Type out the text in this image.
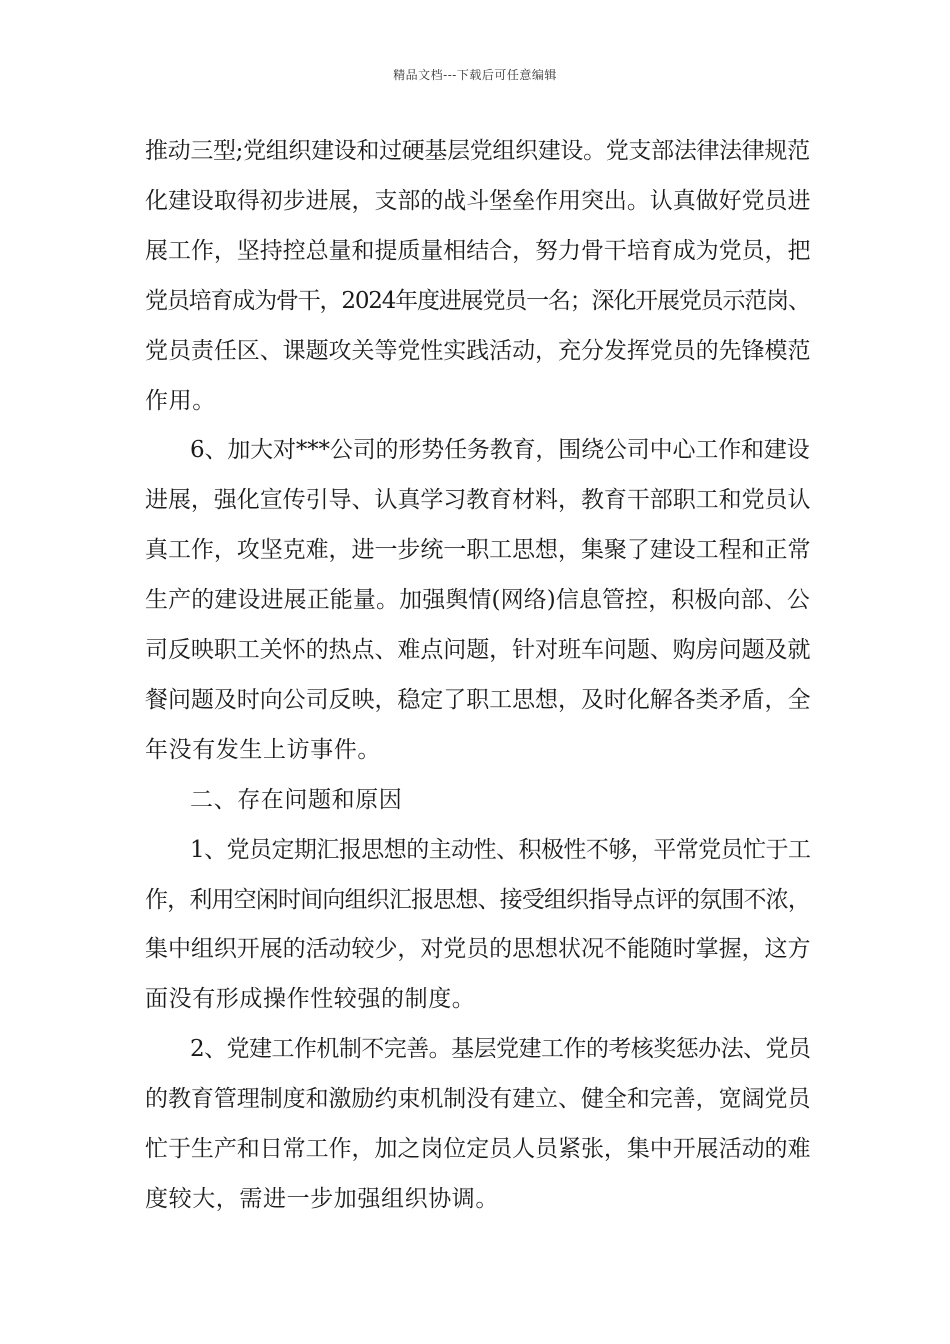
精品文档---下载后可任意编辑
推动三型;党组织建设和过硬基层党组织建设。党支部法律法律规范
化建设取得初步进展，支部的战斗堡垒作用突出。认真做好党员进
展工作，坚持控总量和提质量相结合，努力骨干培育成为党员，把
党员培育成为骨干，2024年度进展党员一名；深化开展党员示范岗、
党员责任区、课题攻关等党性实践活动，充分发挥党员的先锋模范
作用。
6、加大对***公司的形势任务教育，围绕公司中心工作和建设
进展，强化宣传引导、认真学习教育材料，教育干部职工和党员认
真工作，攻坚克难，进一步统一职工思想，集聚了建设工程和正常
生产的建设进展正能量。加强舆情(网络)信息管控，积极向部、公
司反映职工关怀的热点、难点问题，针对班车问题、购房问题及就
餐问题及时向公司反映，稳定了职工思想，及时化解各类矛盾，全
年没有发生上访事件。
二、存在问题和原因
1、党员定期汇报思想的主动性、积极性不够，平常党员忙于工
作，利用空闲时间向组织汇报思想、接受组织指导点评的氛围不浓，
集中组织开展的活动较少，对党员的思想状况不能随时掌握，这方
面没有形成操作性较强的制度。
2、党建工作机制不完善。基层党建工作的考核奖惩办法、党员
的教育管理制度和激励约束机制没有建立、健全和完善，宽阔党员
忙于生产和日常工作，加之岗位定员人员紧张，集中开展活动的难
度较大，需进一步加强组织协调。
